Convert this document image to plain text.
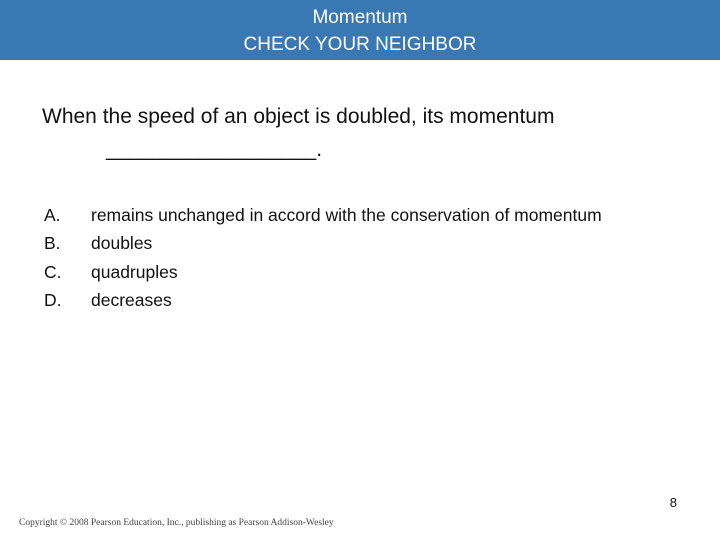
Momentum
CHECK YOUR NEIGHBOR
When the speed of an object is doubled, its momentum
__________________.
A.	remains unchanged in accord with the conservation of momentum
B.	doubles
C.	quadruples
D.	decreases
8
Copyright © 2008 Pearson Education, Inc., publishing as Pearson Addison-Wesley
